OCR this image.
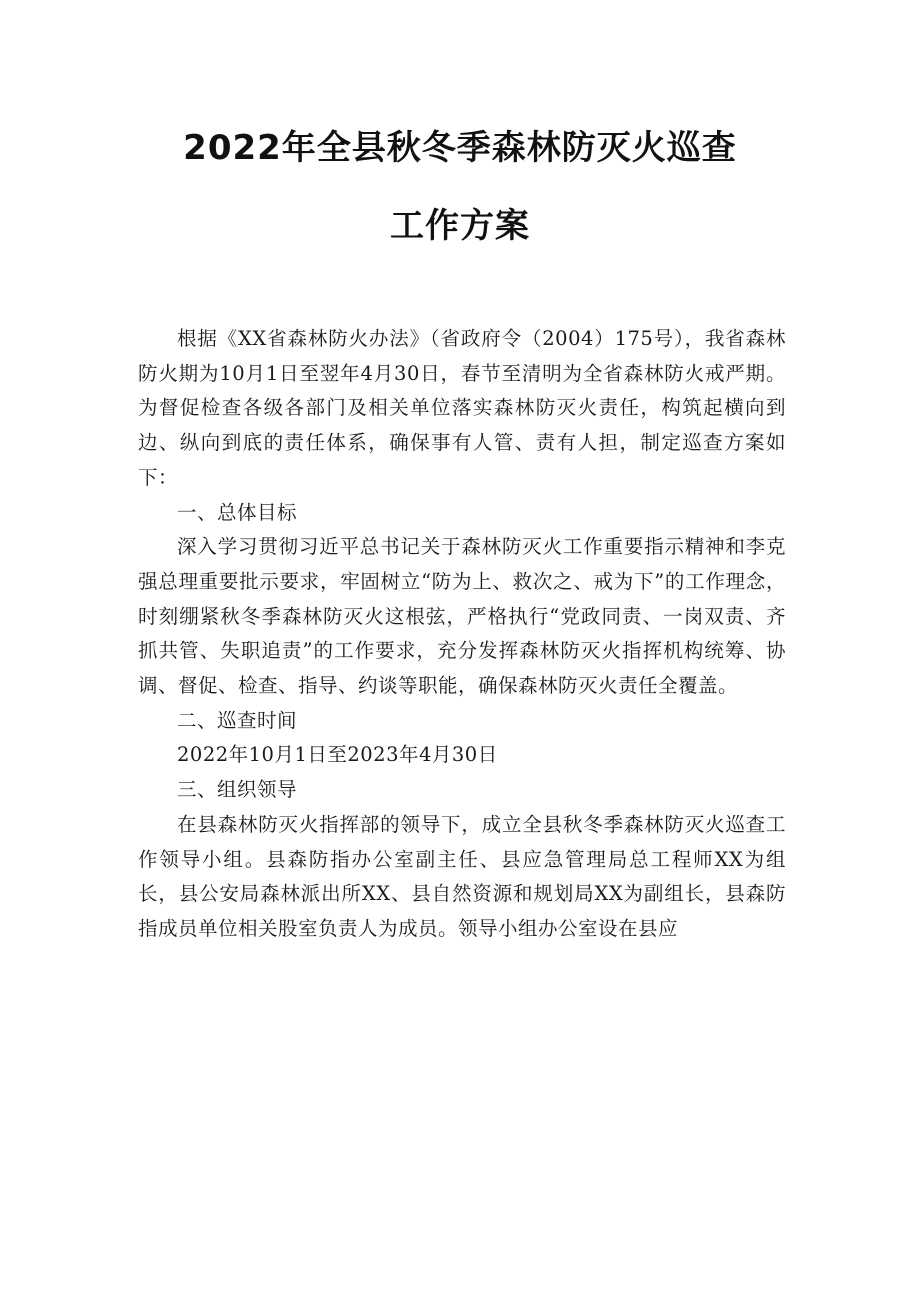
2022年全县秋冬季森林防灭火巡查
工作方案

根据《XX省森林防火办法》（省政府令（2004）175号），我省森林防火期为10月1日至翌年4月30日，春节至清明为全省森林防火戒严期。为督促检查各级各部门及相关单位落实森林防灭火责任，构筑起横向到边、纵向到底的责任体系，确保事有人管、责有人担，制定巡查方案如下：

一、总体目标

深入学习贯彻习近平总书记关于森林防灭火工作重要指示精神和李克强总理重要批示要求，牢固树立“防为上、救次之、戒为下”的工作理念，时刻绷紧秋冬季森林防灭火这根弦，严格执行“党政同责、一岗双责、齐抓共管、失职追责”的工作要求，充分发挥森林防灭火指挥机构统筹、协调、督促、检查、指导、约谈等职能，确保森林防灭火责任全覆盖。

二、巡查时间

2022年10月1日至2023年4月30日

三、组织领导

在县森林防灭火指挥部的领导下，成立全县秋冬季森林防灭火巡查工作领导小组。县森防指办公室副主任、县应急管理局总工程师XX为组长，县公安局森林派出所XX、县自然资源和规划局XX为副组长，县森防指成员单位相关股室负责人为成员。领导小组办公室设在县应
